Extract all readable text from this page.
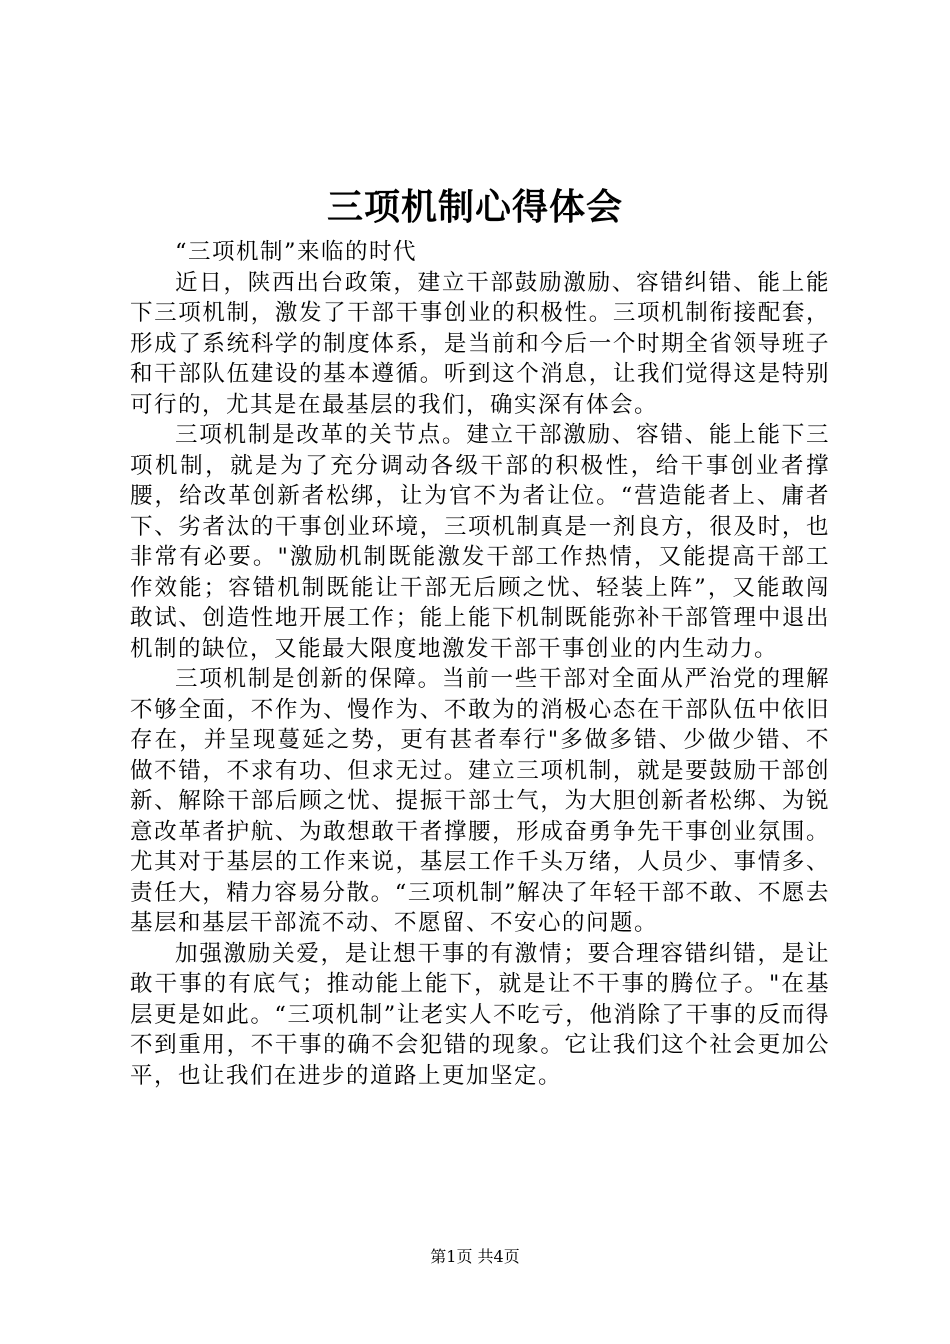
三项机制心得体会

“三项机制”来临的时代

近日，陕西出台政策，建立干部鼓励激励、容错纠错、能上能下三项机制，激发了干部干事创业的积极性。三项机制衔接配套，形成了系统科学的制度体系，是当前和今后一个时期全省领导班子和干部队伍建设的基本遵循。听到这个消息，让我们觉得这是特别可行的，尤其是在最基层的我们，确实深有体会。

三项机制是改革的关节点。建立干部激励、容错、能上能下三项机制，就是为了充分调动各级干部的积极性，给干事创业者撑腰，给改革创新者松绑，让为官不为者让位。“营造能者上、庸者下、劣者汰的干事创业环境，三项机制真是一剂良方，很及时，也非常有必要。"激励机制既能激发干部工作热情，又能提高干部工作效能；容错机制既能让干部无后顾之忧、轻装上阵”，又能敢闯敢试、创造性地开展工作；能上能下机制既能弥补干部管理中退出机制的缺位，又能最大限度地激发干部干事创业的内生动力。

三项机制是创新的保障。当前一些干部对全面从严治党的理解不够全面，不作为、慢作为、不敢为的消极心态在干部队伍中依旧存在，并呈现蔓延之势，更有甚者奉行"多做多错、少做少错、不做不错，不求有功、但求无过。建立三项机制，就是要鼓励干部创新、解除干部后顾之忧、提振干部士气，为大胆创新者松绑、为锐意改革者护航、为敢想敢干者撑腰，形成奋勇争先干事创业氛围。尤其对于基层的工作来说，基层工作千头万绪，人员少、事情多、责任大，精力容易分散。“三项机制”解决了年轻干部不敢、不愿去基层和基层干部流不动、不愿留、不安心的问题。

加强激励关爱，是让想干事的有激情；要合理容错纠错，是让敢干事的有底气；推动能上能下，就是让不干事的腾位子。"在基层更是如此。“三项机制”让老实人不吃亏，他消除了干事的反而得不到重用，不干事的确不会犯错的现象。它让我们这个社会更加公平，也让我们在进步的道路上更加坚定。

第1页 共4页
